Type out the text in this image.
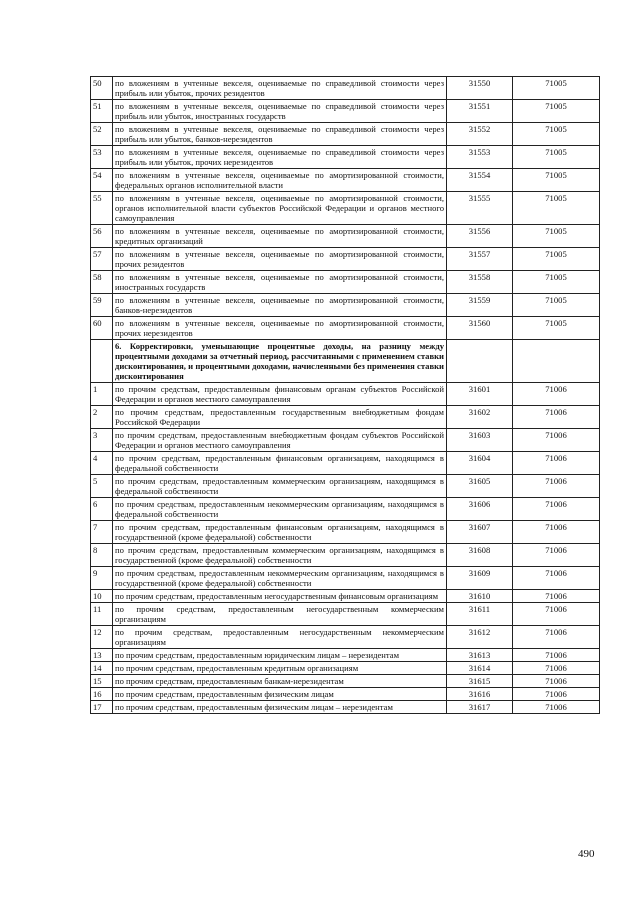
50	по вложениям в учтенные векселя, оцениваемые по справедливой стоимости через прибыль или убыток, прочих резидентов	31550	71005
51	по вложениям в учтенные векселя, оцениваемые по справедливой стоимости через прибыль или убыток, иностранных государств	31551	71005
52	по вложениям в учтенные векселя, оцениваемые по справедливой стоимости через прибыль или убыток, банков-нерезидентов	31552	71005
53	по вложениям в учтенные векселя, оцениваемые по справедливой стоимости через прибыль или убыток, прочих нерезидентов	31553	71005
54	по вложениям в учтенные векселя, оцениваемые по амортизированной стоимости, федеральных органов исполнительной власти	31554	71005
55	по вложениям в учтенные векселя, оцениваемые по амортизированной стоимости, органов исполнительной власти субъектов Российской Федерации и органов местного самоуправления	31555	71005
56	по вложениям в учтенные векселя, оцениваемые по амортизированной стоимости, кредитных организаций	31556	71005
57	по вложениям в учтенные векселя, оцениваемые по амортизированной стоимости, прочих резидентов	31557	71005
58	по вложениям в учтенные векселя, оцениваемые по амортизированной стоимости, иностранных государств	31558	71005
59	по вложениям в учтенные векселя, оцениваемые по амортизированной стоимости, банков-нерезидентов	31559	71005
60	по вложениям в учтенные векселя, оцениваемые по амортизированной стоимости, прочих нерезидентов	31560	71005
	6. Корректировки, уменьшающие процентные доходы, на разницу между процентными доходами за отчетный период, рассчитанными с применением ставки дисконтирования, и процентными доходами, начисленными без применения ставки дисконтирования		
1	по прочим средствам, предоставленным финансовым органам субъектов Российской Федерации и органов местного самоуправления	31601	71006
2	по прочим средствам, предоставленным государственным внебюджетным фондам Российской Федерации	31602	71006
3	по прочим средствам, предоставленным внебюджетным фондам субъектов Российской Федерации и органов местного самоуправления	31603	71006
4	по прочим средствам, предоставленным финансовым организациям, находящимся в федеральной собственности	31604	71006
5	по прочим средствам, предоставленным коммерческим организациям, находящимся в федеральной собственности	31605	71006
6	по прочим средствам, предоставленным некоммерческим организациям, находящимся в федеральной собственности	31606	71006
7	по прочим средствам, предоставленным финансовым организациям, находящимся в государственной (кроме федеральной) собственности	31607	71006
8	по прочим средствам, предоставленным коммерческим организациям, находящимся в государственной (кроме федеральной) собственности	31608	71006
9	по прочим средствам, предоставленным некоммерческим организациям, находящимся в государственной (кроме федеральной) собственности	31609	71006
10	по прочим средствам, предоставленным негосударственным финансовым организациям	31610	71006
11	по прочим средствам, предоставленным негосударственным коммерческим организациям	31611	71006
12	по прочим средствам, предоставленным негосударственным некоммерческим организациям	31612	71006
13	по прочим средствам, предоставленным юридическим лицам – нерезидентам	31613	71006
14	по прочим средствам, предоставленным кредитным организациям	31614	71006
15	по прочим средствам, предоставленным банкам-нерезидентам	31615	71006
16	по прочим средствам, предоставленным физическим лицам	31616	71006
17	по прочим средствам, предоставленным физическим лицам – нерезидентам	31617	71006
490
